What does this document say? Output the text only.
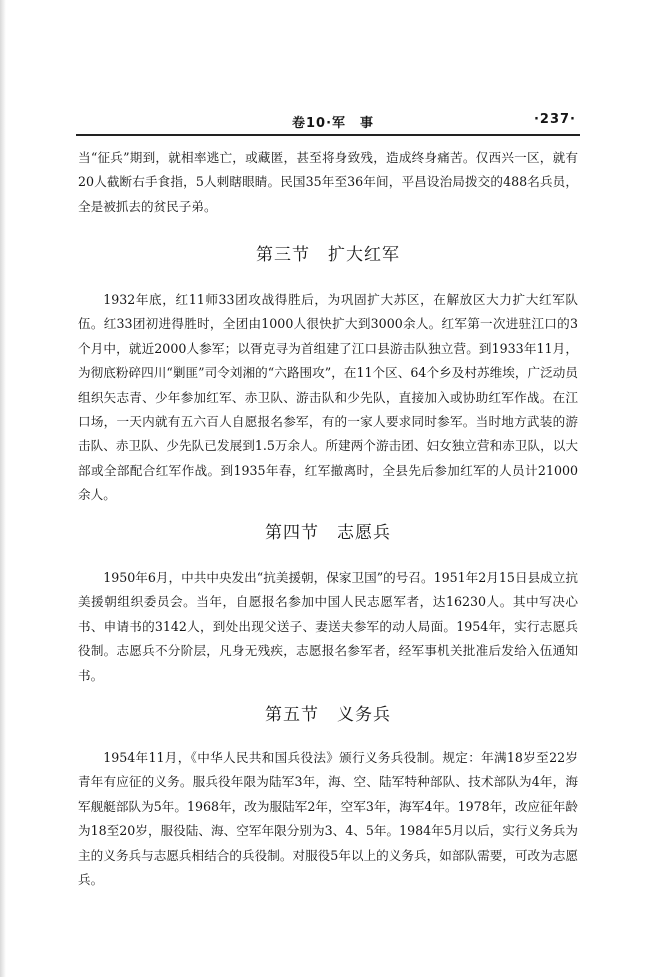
卷10·军　事	·237·

当“征兵”期到，就相率逃亡，或藏匿，甚至将身致残，造成终身痛苦。仅西兴一区，就有20人截断右手食指，5人刺瞎眼睛。民国35年至36年间，平昌设治局拨交的488名兵员，全是被抓去的贫民子弟。

第三节 扩大红军

1932年底，红11师33团攻战得胜后，为巩固扩大苏区，在解放区大力扩大红军队伍。红33团初进得胜时，全团由1000人很快扩大到3000余人。红军第一次进驻江口的3个月中，就近2000人参军；以胥克寻为首组建了江口县游击队独立营。到1933年11月，为彻底粉碎四川“剿匪”司令刘湘的“六路围攻”，在11个区、64个乡及村苏维埃，广泛动员组织矢志青、少年参加红军、赤卫队、游击队和少先队，直接加入或协助红军作战。在江口场，一天内就有五六百人自愿报名参军，有的一家人要求同时参军。当时地方武装的游击队、赤卫队、少先队已发展到1.5万余人。所建两个游击团、妇女独立营和赤卫队，以大部或全部配合红军作战。到1935年春，红军撤离时，全县先后参加红军的人员计21000余人。

第四节 志愿兵

1950年6月，中共中央发出“抗美援朝，保家卫国”的号召。1951年2月15日县成立抗美援朝组织委员会。当年，自愿报名参加中国人民志愿军者，达16230人。其中写决心书、申请书的3142人，到处出现父送子、妻送夫参军的动人局面。1954年，实行志愿兵役制。志愿兵不分阶层，凡身无残疾，志愿报名参军者，经军事机关批准后发给入伍通知书。

第五节 义务兵

1954年11月，《中华人民共和国兵役法》颁行义务兵役制。规定：年满18岁至22岁青年有应征的义务。服兵役年限为陆军3年，海、空、陆军特种部队、技术部队为4年，海军舰艇部队为5年。1968年，改为服陆军2年，空军3年，海军4年。1978年，改应征年龄为18至20岁，服役陆、海、空军年限分别为3、4、5年。1984年5月以后，实行义务兵为主的义务兵与志愿兵相结合的兵役制。对服役5年以上的义务兵，如部队需要，可改为志愿兵。
